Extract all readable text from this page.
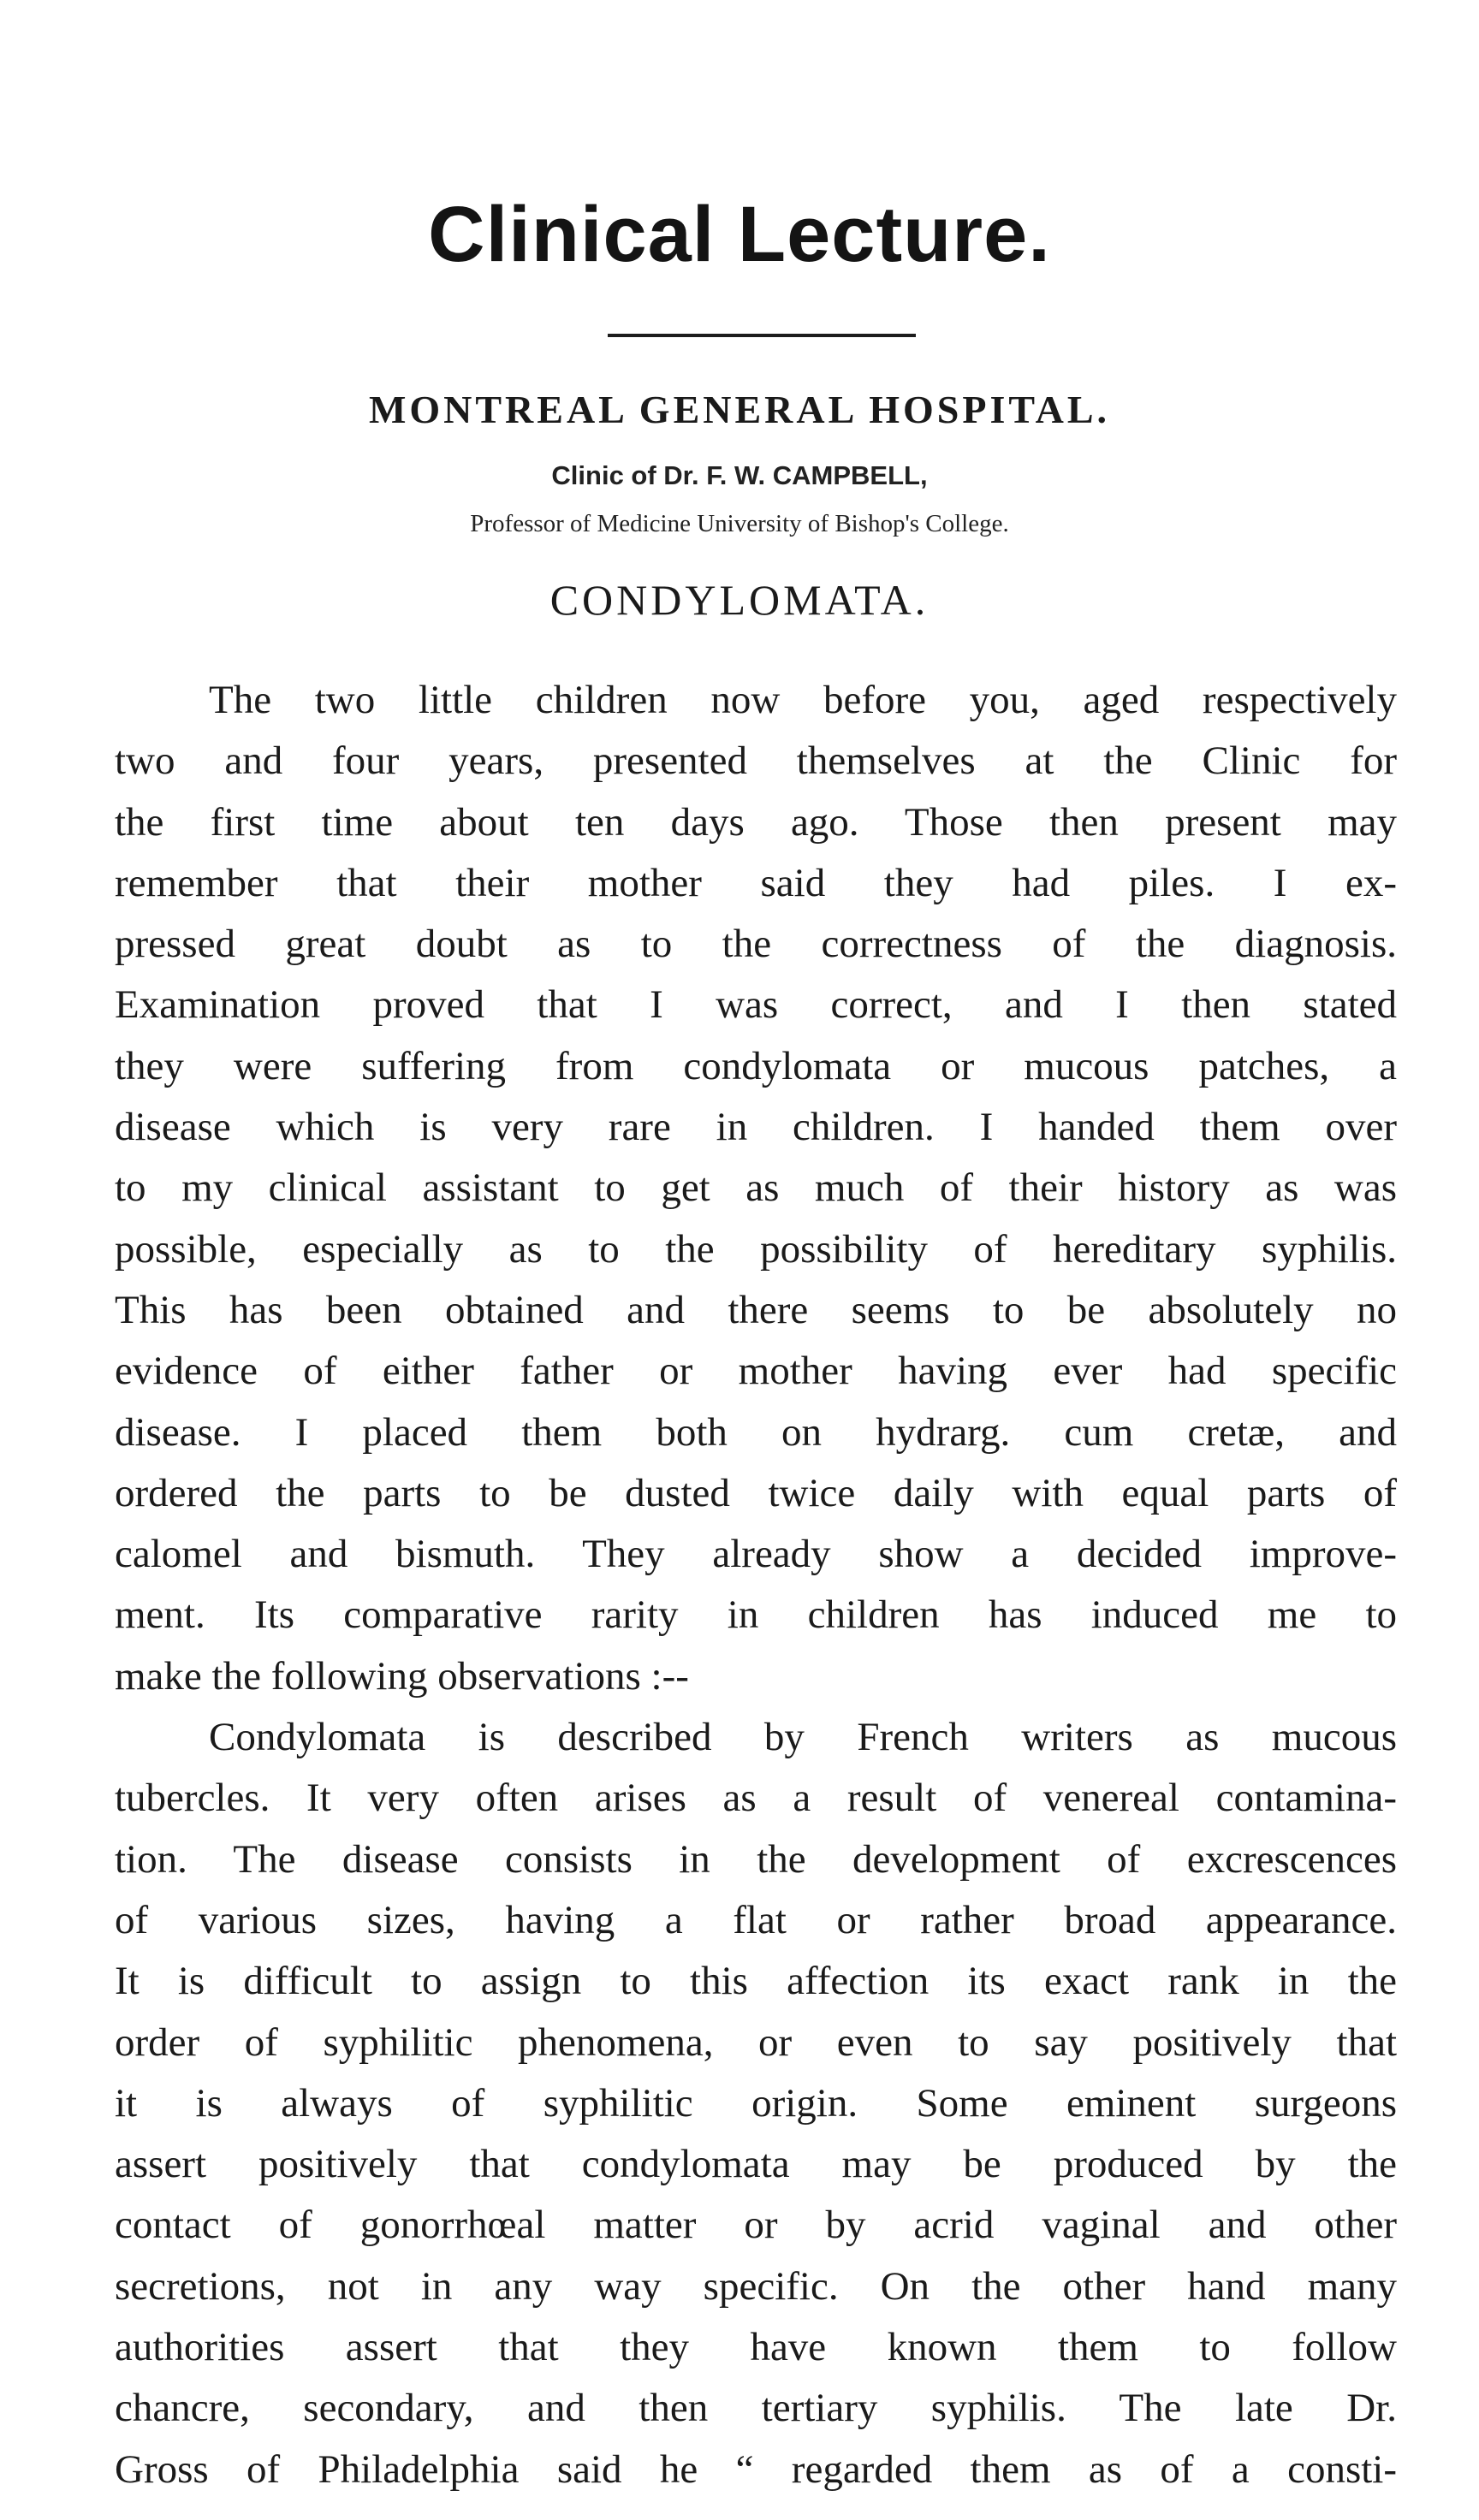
Clinical Lecture.
MONTREAL GENERAL HOSPITAL.
Clinic of Dr. F. W. CAMPBELL,
Professor of Medicine University of Bishop's College.
CONDYLOMATA.
The two little children now before you, aged respectively
two and four years, presented themselves at the Clinic for
the first time about ten days ago. Those then present may
remember that their mother said they had piles. I ex-
pressed great doubt as to the correctness of the diagnosis.
Examination proved that I was correct, and I then stated
they were suffering from condylomata or mucous patches, a
disease which is very rare in children. I handed them over
to my clinical assistant to get as much of their history as was
possible, especially as to the possibility of hereditary syphilis.
This has been obtained and there seems to be absolutely no
evidence of either father or mother having ever had specific
disease. I placed them both on hydrarg. cum cretæ, and
ordered the parts to be dusted twice daily with equal parts of
calomel and bismuth. They already show a decided improve-
ment. Its comparative rarity in children has induced me to
make the following observations :--
Condylomata is described by French writers as mucous
tubercles. It very often arises as a result of venereal contamina-
tion. The disease consists in the development of excrescences
of various sizes, having a flat or rather broad appearance.
It is difficult to assign to this affection its exact rank in the
order of syphilitic phenomena, or even to say positively that
it is always of syphilitic origin. Some eminent surgeons
assert positively that condylomata may be produced by the
contact of gonorrhœal matter or by acrid vaginal and other
secretions, not in any way specific. On the other hand many
authorities assert that they have known them to follow
chancre, secondary, and then tertiary syphilis. The late Dr.
Gross of Philadelphia said he “ regarded them as of a consti-
